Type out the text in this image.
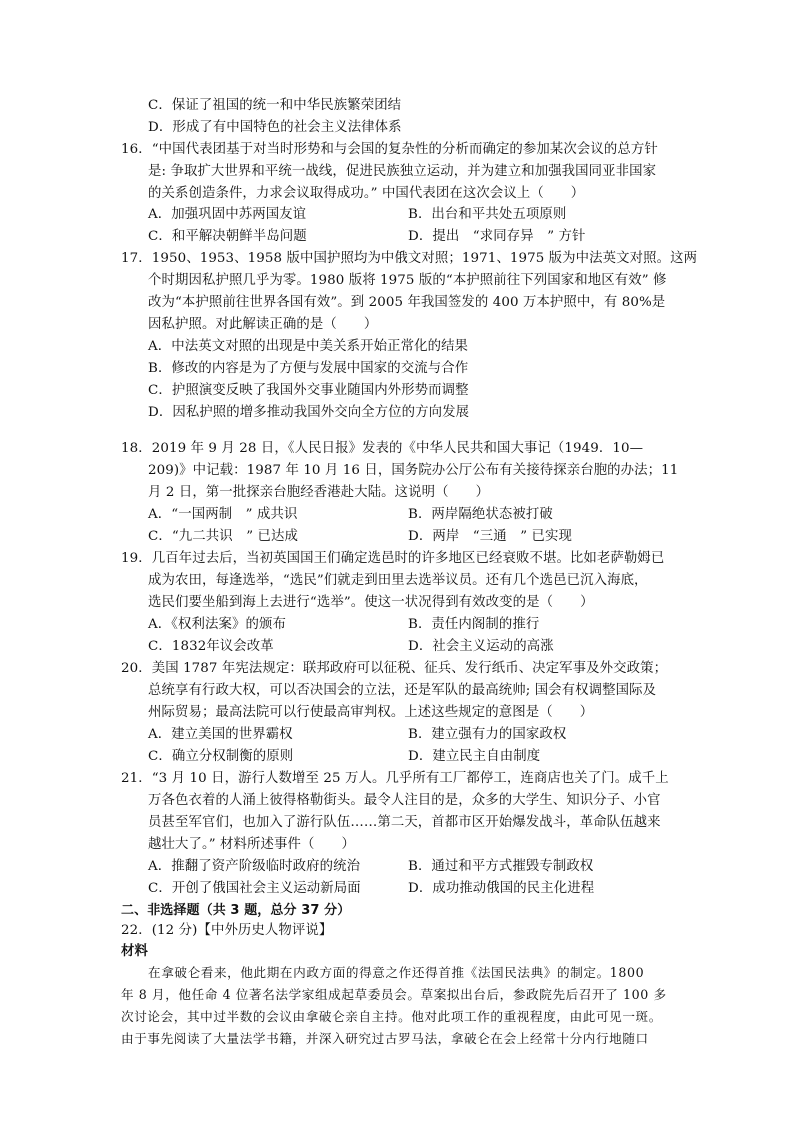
C．保证了祖国的统一和中华民族繁荣团结
D．形成了有中国特色的社会主义法律体系
16．“中国代表团基于对当时形势和与会国的复杂性的分析而确定的参加某次会议的总方针
是: 争取扩大世界和平统一战线，促进民族独立运动，并为建立和加强我国同亚非国家
的关系创造条件，力求会议取得成功。” 中国代表团在这次会议上（　　）
A．加强巩固中苏两国友谊	B．出台和平共处五项原则
C．和平解决朝鲜半岛问题	D．提出　“求同存异　” 方针
17．1950、1953、1958 版中国护照均为中俄文对照；1971、1975 版为中法英文对照。这两
个时期因私护照几乎为零。1980 版将 1975 版的“本护照前往下列国家和地区有效” 修
改为“本护照前往世界各国有效”。到 2005 年我国签发的 400 万本护照中，有 80%是
因私护照。对此解读正确的是（　　）
A．中法英文对照的出现是中美关系开始正常化的结果
B．修改的内容是为了方便与发展中国家的交流与合作
C．护照演变反映了我国外交事业随国内外形势而调整
D．因私护照的增多推动我国外交向全方位的方向发展
18．2019 年 9 月 28 日，《人民日报》发表的《中华人民共和国大事记（1949．10—
209)》中记载：1987 年 10 月 16 日，国务院办公厅公布有关接待探亲台胞的办法；11
月 2 日，第一批探亲台胞经香港赴大陆。这说明（　　）
A．“一国两制　” 成共识	B．两岸隔绝状态被打破
C．“九二共识　” 已达成	D．两岸　“三通　” 已实现
19．几百年过去后，当初英国国王们确定选邑时的许多地区已经衰败不堪。比如老萨勒姆已
成为农田，每逢选举，“选民”们就走到田里去选举议员。还有几个选邑已沉入海底，
选民们要坐船到海上去进行“选举”。使这一状况得到有效改变的是（　　）
A．《权利法案》的颁布	B．责任内阁制的推行
C．1832年议会改革	D．社会主义运动的高涨
20．美国 1787 年宪法规定：联邦政府可以征税、征兵、发行纸币、决定军事及外交政策；
总统享有行政大权，可以否决国会的立法，还是军队的最高统帅; 国会有权调整国际及
州际贸易；最高法院可以行使最高审判权。上述这些规定的意图是（　　）
A．建立美国的世界霸权	B．建立强有力的国家政权
C．确立分权制衡的原则	D．建立民主自由制度
21．“3 月 10 日，游行人数增至 25 万人。几乎所有工厂都停工，连商店也关了门。成千上
万各色衣着的人涌上彼得格勒街头。最令人注目的是，众多的大学生、知识分子、小官
员甚至军官们，也加入了游行队伍……第二天，首都市区开始爆发战斗，革命队伍越来
越壮大了。” 材料所述事件（　　）
A．推翻了资产阶级临时政府的统治	B．通过和平方式摧毁专制政权
C．开创了俄国社会主义运动新局面	D．成功推动俄国的民主化进程
二、非选择题（共 3 题，总分 37 分）
22．(12 分)【中外历史人物评说】
材料
在拿破仑看来，他此期在内政方面的得意之作还得首推《法国民法典》的制定。1800
年 8 月，他任命 4 位著名法学家组成起草委员会。草案拟出台后，参政院先后召开了 100 多
次讨论会，其中过半数的会议由拿破仑亲自主持。他对此项工作的重视程度，由此可见一斑。
由于事先阅读了大量法学书籍，并深入研究过古罗马法，拿破仑在会上经常十分内行地随口
